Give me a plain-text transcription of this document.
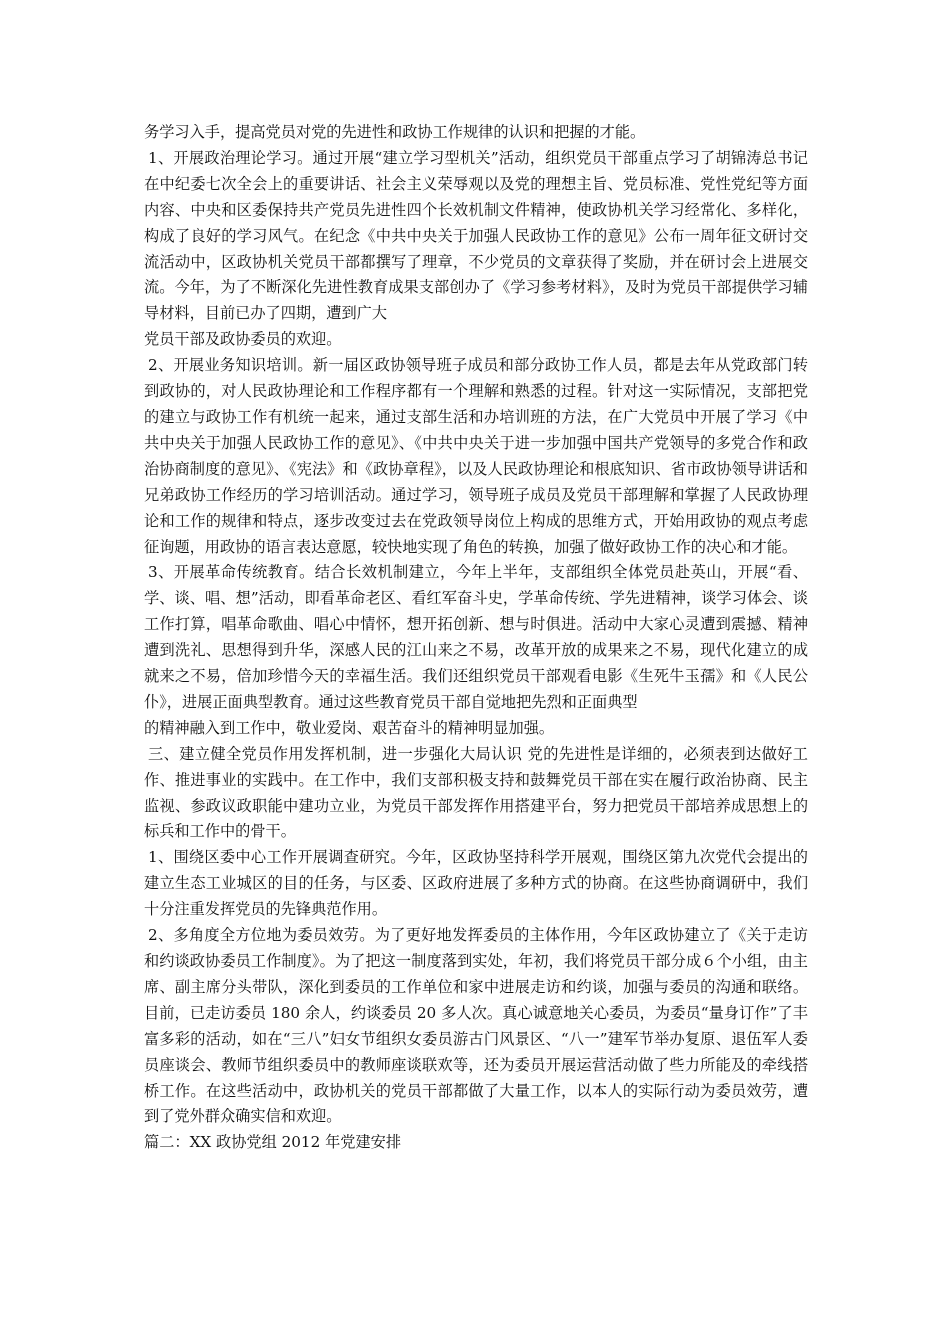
务学习入手，提高党员对党的先进性和政协工作规律的认识和把握的才能。

1、开展政治理论学习。通过开展“建立学习型机关”活动，组织党员干部重点学习了胡锦涛总书记在中纪委七次全会上的重要讲话、社会主义荣辱观以及党的理想主旨、党员标准、党性党纪等方面内容、中央和区委保持共产党员先进性四个长效机制文件精神，使政协机关学习经常化、多样化，构成了良好的学习风气。在纪念《中共中央关于加强人民政协工作的意见》公布一周年征文研讨交流活动中，区政协机关党员干部都撰写了理章，不少党员的文章获得了奖励，并在研讨会上进展交流。今年，为了不断深化先进性教育成果支部创办了《学习参考材料》，及时为党员干部提供学习辅导材料，目前已办了四期，遭到广大

党员干部及政协委员的欢迎。

2、开展业务知识培训。新一届区政协领导班子成员和部分政协工作人员，都是去年从党政部门转到政协的，对人民政协理论和工作程序都有一个理解和熟悉的过程。针对这一实际情况，支部把党的建立与政协工作有机统一起来，通过支部生活和办培训班的方法，在广大党员中开展了学习《中共中央关于加强人民政协工作的意见》、《中共中央关于进一步加强中国共产党领导的多党合作和政治协商制度的意见》、《宪法》和《政协章程》，以及人民政协理论和根底知识、省市政协领导讲话和兄弟政协工作经历的学习培训活动。通过学习，领导班子成员及党员干部理解和掌握了人民政协理论和工作的规律和特点，逐步改变过去在党政领导岗位上构成的思维方式，开始用政协的观点考虑征询题，用政协的语言表达意愿，较快地实现了角色的转换，加强了做好政协工作的决心和才能。

3、开展革命传统教育。结合长效机制建立，今年上半年，支部组织全体党员赴英山，开展“看、学、谈、唱、想”活动，即看革命老区、看红军奋斗史，学革命传统、学先进精神，谈学习体会、谈工作打算，唱革命歌曲、唱心中情怀，想开拓创新、想与时俱进。活动中大家心灵遭到震撼、精神遭到洗礼、思想得到升华，深感人民的江山来之不易，改革开放的成果来之不易，现代化建立的成就来之不易，倍加珍惜今天的幸福生活。我们还组织党员干部观看电影《生死牛玉孺》和《人民公仆》，进展正面典型教育。通过这些教育党员干部自觉地把先烈和正面典型

的精神融入到工作中，敬业爱岗、艰苦奋斗的精神明显加强。

三、建立健全党员作用发挥机制，进一步强化大局认识 党的先进性是详细的，必须表到达做好工作、推进事业的实践中。在工作中，我们支部积极支持和鼓舞党员干部在实在履行政治协商、民主监视、参政议政职能中建功立业，为党员干部发挥作用搭建平台，努力把党员干部培养成思想上的标兵和工作中的骨干。

1、围绕区委中心工作开展调查研究。今年，区政协坚持科学开展观，围绕区第九次党代会提出的建立生态工业城区的目的任务，与区委、区政府进展了多种方式的协商。在这些协商调研中，我们十分注重发挥党员的先锋典范作用。

2、多角度全方位地为委员效劳。为了更好地发挥委员的主体作用，今年区政协建立了《关于走访和约谈政协委员工作制度》。为了把这一制度落到实处，年初，我们将党员干部分成６个小组，由主席、副主席分头带队，深化到委员的工作单位和家中进展走访和约谈，加强与委员的沟通和联络。目前，已走访委员 180 余人，约谈委员 20 多人次。真心诚意地关心委员，为委员“量身订作”了丰富多彩的活动，如在“三八”妇女节组织女委员游古门风景区、“八一”建军节举办复原、退伍军人委员座谈会、教师节组织委员中的教师座谈联欢等，还为委员开展运营活动做了些力所能及的牵线搭桥工作。在这些活动中，政协机关的党员干部都做了大量工作，以本人的实际行动为委员效劳，遭到了党外群众确实信和欢迎。

篇二：XX 政协党组 2012 年党建安排
